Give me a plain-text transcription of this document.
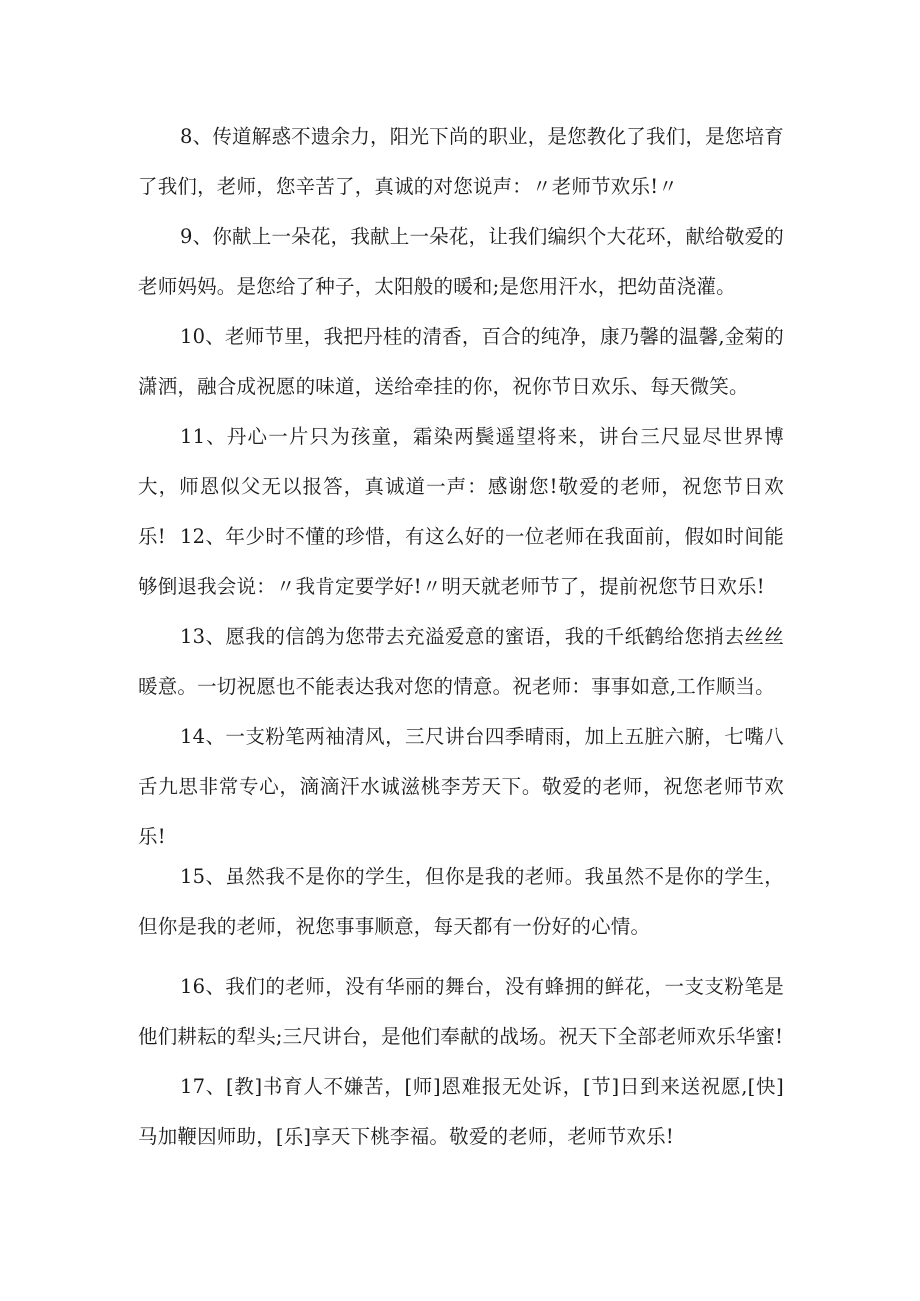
8、传道解惑不遗余力，阳光下尚的职业，是您教化了我们，是您培育了我们，老师，您辛苦了，真诚的对您说声：〃老师节欢乐!〃

9、你献上一朵花，我献上一朵花，让我们编织个大花环，献给敬爱的老师妈妈。是您给了种子，太阳般的暖和;是您用汗水，把幼苗浇灌。

10、老师节里，我把丹桂的清香，百合的纯净，康乃馨的温馨,金菊的潇洒，融合成祝愿的味道，送给牵挂的你，祝你节日欢乐、每天微笑。

11、丹心一片只为孩童，霜染两鬓遥望将来，讲台三尺显尽世界博大，师恩似父无以报答，真诚道一声：感谢您!敬爱的老师，祝您节日欢乐! 12、年少时不懂的珍惜，有这么好的一位老师在我面前，假如时间能够倒退我会说：〃我肯定要学好!〃明天就老师节了，提前祝您节日欢乐!

13、愿我的信鸽为您带去充溢爱意的蜜语，我的千纸鹤给您捎去丝丝暖意。一切祝愿也不能表达我对您的情意。祝老师：事事如意,工作顺当。

14、一支粉笔两袖清风，三尺讲台四季晴雨，加上五脏六腑，七嘴八舌九思非常专心，滴滴汗水诚滋桃李芳天下。敬爱的老师，祝您老师节欢乐!

15、虽然我不是你的学生，但你是我的老师。我虽然不是你的学生，但你是我的老师，祝您事事顺意，每天都有一份好的心情。

16、我们的老师，没有华丽的舞台，没有蜂拥的鲜花，一支支粉笔是他们耕耘的犁头;三尺讲台，是他们奉献的战场。祝天下全部老师欢乐华蜜!

17、[教]书育人不嫌苦，[师]恩难报无处诉，[节]日到来送祝愿,[快]马加鞭因师助，[乐]享天下桃李福。敬爱的老师，老师节欢乐!
